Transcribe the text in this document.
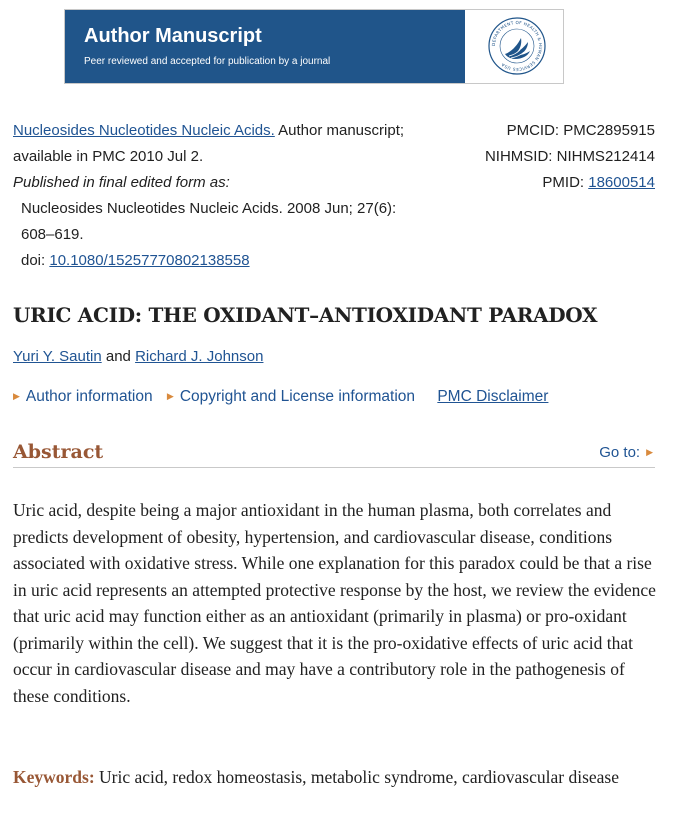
Author Manuscript
Peer reviewed and accepted for publication by a journal
DEPARTMENT OF HEALTH & HUMAN SERVICES USA
Nucleosides Nucleotides Nucleic Acids. Author manuscript;
available in PMC 2010 Jul 2.
Published in final edited form as:
Nucleosides Nucleotides Nucleic Acids. 2008 Jun; 27(6):
608–619.
doi: 10.1080/15257770802138558
PMCID: PMC2895915
NIHMSID: NIHMS212414
PMID: 18600514
URIC ACID: THE OXIDANT–ANTIOXIDANT PARADOX
Yuri Y. Sautin and Richard J. Johnson
▶ Author information ▶ Copyright and License information PMC Disclaimer
Abstract	Go to: ▶

Uric acid, despite being a major antioxidant in the human plasma, both correlates and predicts development of obesity, hypertension, and cardiovascular disease, conditions associated with oxidative stress. While one explanation for this paradox could be that a rise in uric acid represents an attempted protective response by the host, we review the evidence that uric acid may function either as an antioxidant (primarily in plasma) or pro-oxidant (primarily within the cell). We suggest that it is the pro-oxidative effects of uric acid that occur in cardiovascular disease and may have a contributory role in the pathogenesis of these conditions.

Keywords: Uric acid, redox homeostasis, metabolic syndrome, cardiovascular disease
